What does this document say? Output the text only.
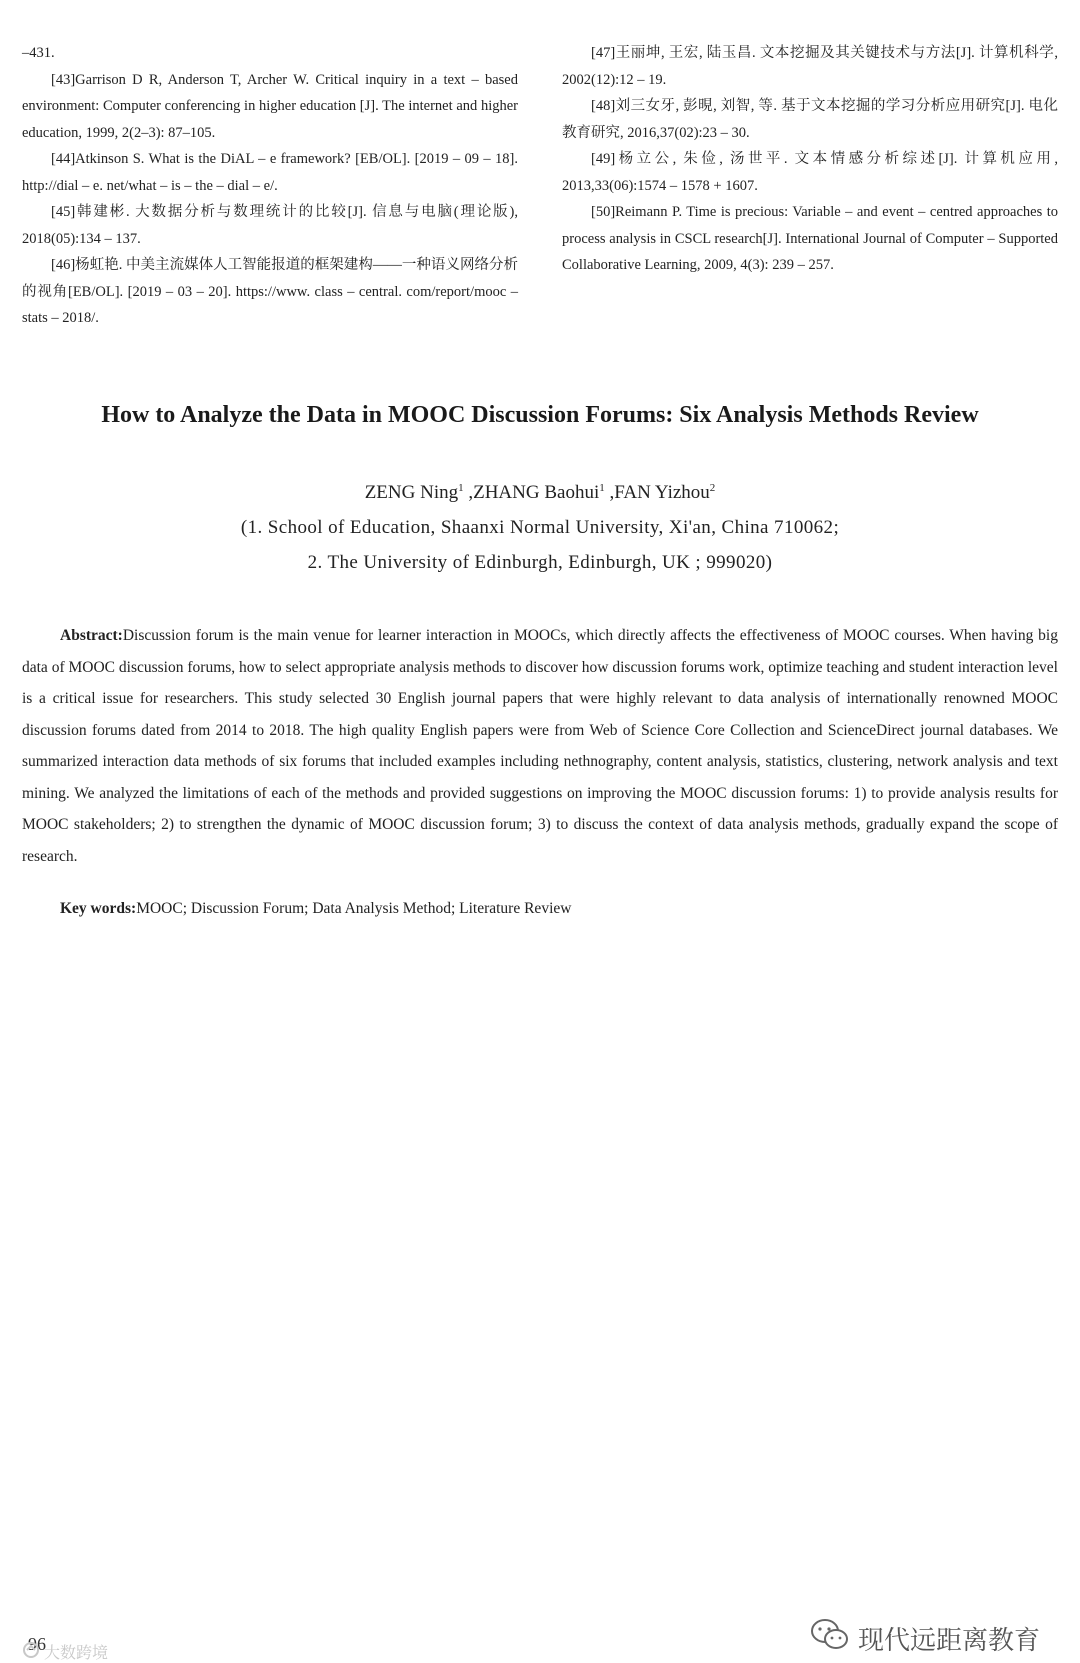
–431.

[43]Garrison D R, Anderson T, Archer W. Critical inquiry in a text – based environment: Computer conferencing in higher education [J]. The internet and higher education, 1999, 2(2–3): 87–105.

[44]Atkinson S. What is the DiAL – e framework? [EB/OL]. [2019 – 09 – 18]. http://dial – e. net/what – is – the – dial – e/.

[45]韩建彬. 大数据分析与数理统计的比较[J]. 信息与电脑(理论版), 2018(05):134 – 137.

[46]杨虹艳. 中美主流媒体人工智能报道的框架建构——一种语义网络分析的视角[EB/OL]. [2019 – 03 – 20]. https://www. class – central. com/report/mooc – stats – 2018/.

[47]王丽坤, 王宏, 陆玉昌. 文本挖掘及其关键技术与方法[J]. 计算机科学, 2002(12):12 – 19.

[48]刘三女牙, 彭晛, 刘智, 等. 基于文本挖掘的学习分析应用研究[J]. 电化教育研究, 2016,37(02):23 – 30.

[49]杨立公, 朱俭, 汤世平. 文本情感分析综述[J]. 计算机应用, 2013,33(06):1574 – 1578 + 1607.

[50]Reimann P. Time is precious: Variable – and event – centred approaches to process analysis in CSCL research[J]. International Journal of Computer – Supported Collaborative Learning, 2009, 4(3): 239 – 257.

How to Analyze the Data in MOOC Discussion Forums: Six Analysis Methods Review
ZENG Ning$^1$ ,ZHANG Baohui$^1$ ,FAN Yizhou$^2$
(1. School of Education, Shaanxi Normal University, Xi'an, China 710062;
2. The University of Edinburgh, Edinburgh, UK ; 999020)

Abstract:Discussion forum is the main venue for learner interaction in MOOCs, which directly affects the effectiveness of MOOC courses. When having big data of MOOC discussion forums, how to select appropriate analysis methods to discover how discussion forums work, optimize teaching and student interaction level is a critical issue for researchers. This study selected 30 English journal papers that were highly relevant to data analysis of internationally renowned MOOC discussion forums dated from 2014 to 2018. The high quality English papers were from Web of Science Core Collection and ScienceDirect journal databases. We summarized interaction data methods of six forums that included examples including nethnography, content analysis, statistics, clustering, network analysis and text mining. We analyzed the limitations of each of the methods and provided suggestions on improving the MOOC discussion forums: 1) to provide analysis results for MOOC stakeholders; 2) to strengthen the dynamic of MOOC discussion forum; 3) to discuss the context of data analysis methods, gradually expand the scope of research.

Key words:MOOC; Discussion Forum; Data Analysis Method; Literature Review

96
大数跨境	现代远距离教育
